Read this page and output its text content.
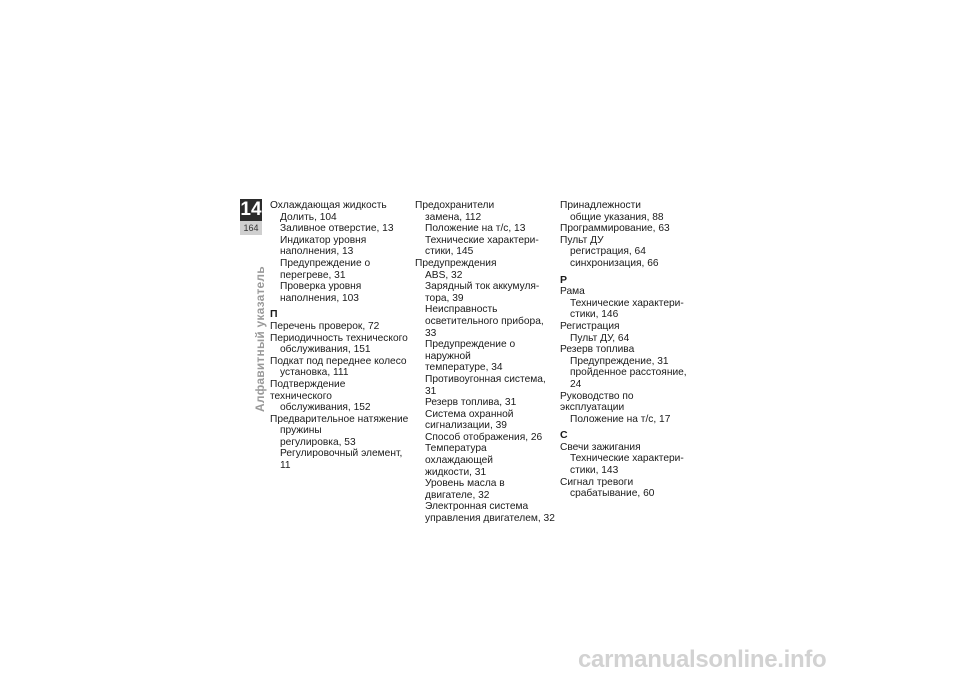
14
164
Алфавитный указатель
Охлаждающая жидкость
Долить, 104
Заливное отверстие, 13
Индикатор уровня
наполнения, 13
Предупреждение о
перегреве, 31
Проверка уровня
наполнения, 103
П
Перечень проверок, 72
Периодичность технического
обслуживания, 151
Подкат под переднее колесо
установка, 111
Подтверждение технического
обслуживания, 152
Предварительное натяжение
пружины
регулировка, 53
Регулировочный элемент, 11
Предохранители
замена, 112
Положение на т/с, 13
Технические характери-
стики, 145
Предупреждения
ABS, 32
Зарядный ток аккумуля-
тора, 39
Неисправность
осветительного прибора, 33
Предупреждение о наружной
температуре, 34
Противоугонная система, 31
Резерв топлива, 31
Система охранной
сигнализации, 39
Способ отображения, 26
Температура охлаждающей
жидкости, 31
Уровень масла в
двигателе, 32
Электронная система
управления двигателем, 32
Принадлежности
общие указания, 88
Программирование, 63
Пульт ДУ
регистрация, 64
синхронизация, 66
Р
Рама
Технические характери-
стики, 146
Регистрация
Пульт ДУ, 64
Резерв топлива
Предупреждение, 31
пройденное расстояние, 24
Руководство по эксплуатации
Положение на т/с, 17
С
Свечи зажигания
Технические характери-
стики, 143
Сигнал тревоги
срабатывание, 60
carmanualsonline.info
